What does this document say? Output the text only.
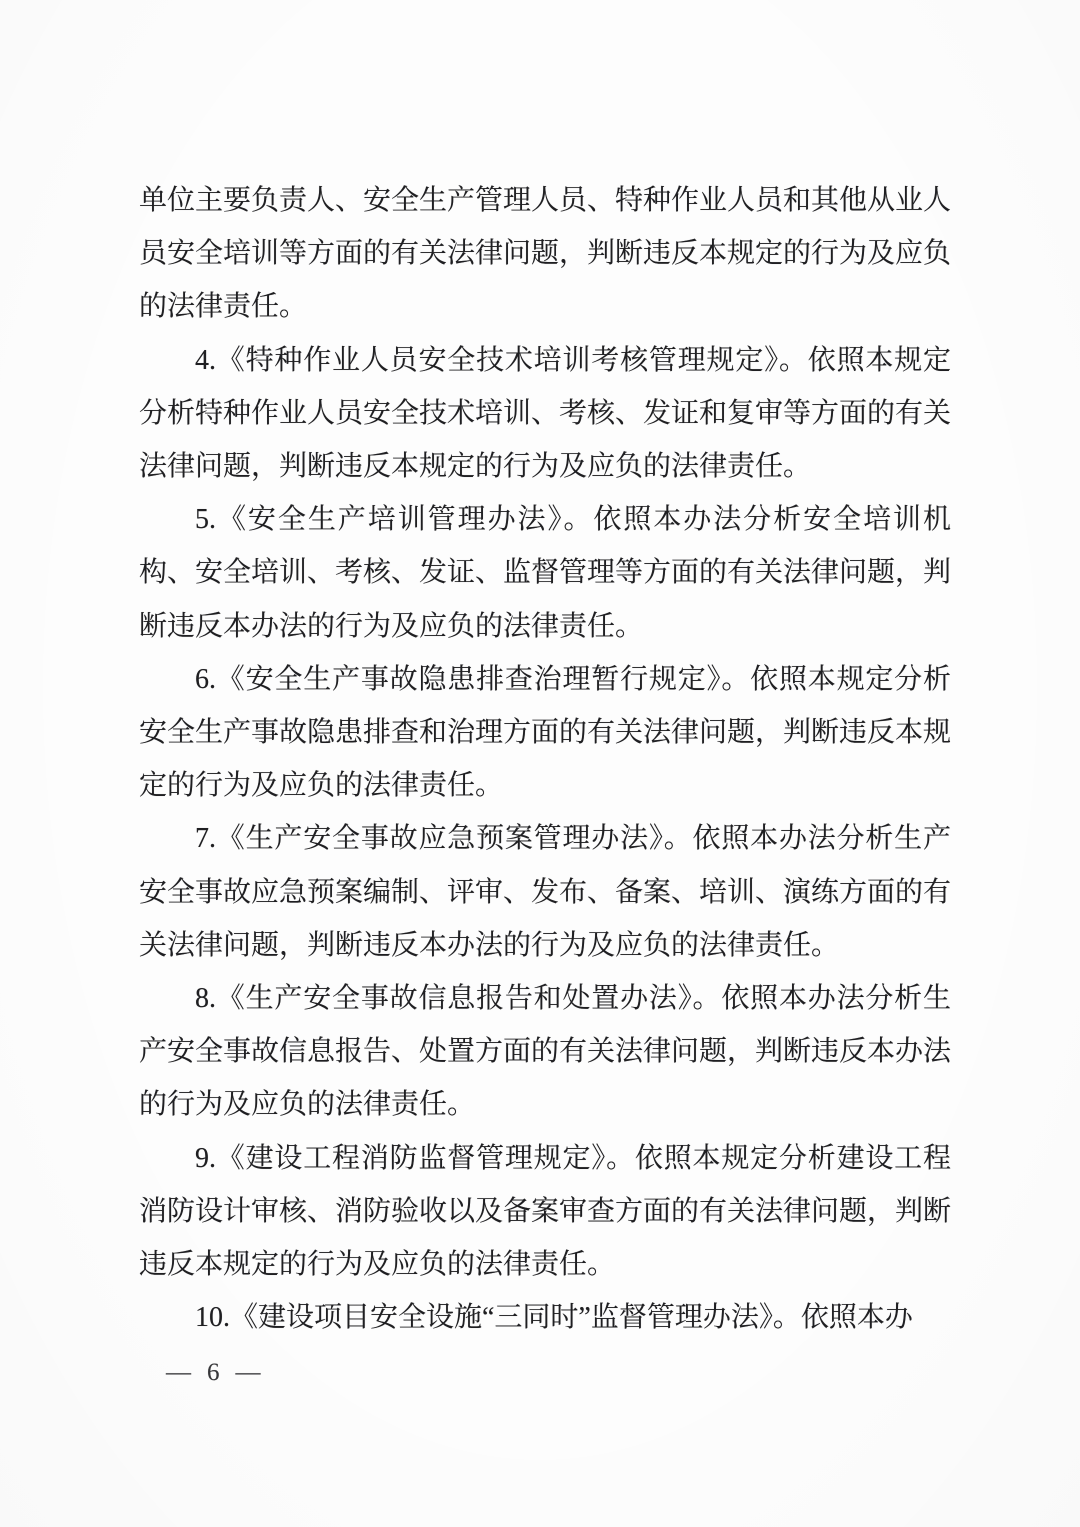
单位主要负责人、安全生产管理人员、特种作业人员和其他从业人员安全培训等方面的有关法律问题，判断违反本规定的行为及应负的法律责任。

4.《特种作业人员安全技术培训考核管理规定》。依照本规定分析特种作业人员安全技术培训、考核、发证和复审等方面的有关法律问题，判断违反本规定的行为及应负的法律责任。

5.《安全生产培训管理办法》。依照本办法分析安全培训机构、安全培训、考核、发证、监督管理等方面的有关法律问题，判断违反本办法的行为及应负的法律责任。

6.《安全生产事故隐患排查治理暂行规定》。依照本规定分析安全生产事故隐患排查和治理方面的有关法律问题，判断违反本规定的行为及应负的法律责任。

7.《生产安全事故应急预案管理办法》。依照本办法分析生产安全事故应急预案编制、评审、发布、备案、培训、演练方面的有关法律问题，判断违反本办法的行为及应负的法律责任。

8.《生产安全事故信息报告和处置办法》。依照本办法分析生产安全事故信息报告、处置方面的有关法律问题，判断违反本办法的行为及应负的法律责任。

9.《建设工程消防监督管理规定》。依照本规定分析建设工程消防设计审核、消防验收以及备案审查方面的有关法律问题，判断违反本规定的行为及应负的法律责任。

10.《建设项目安全设施“三同时”监督管理办法》。依照本办

— 6 —
